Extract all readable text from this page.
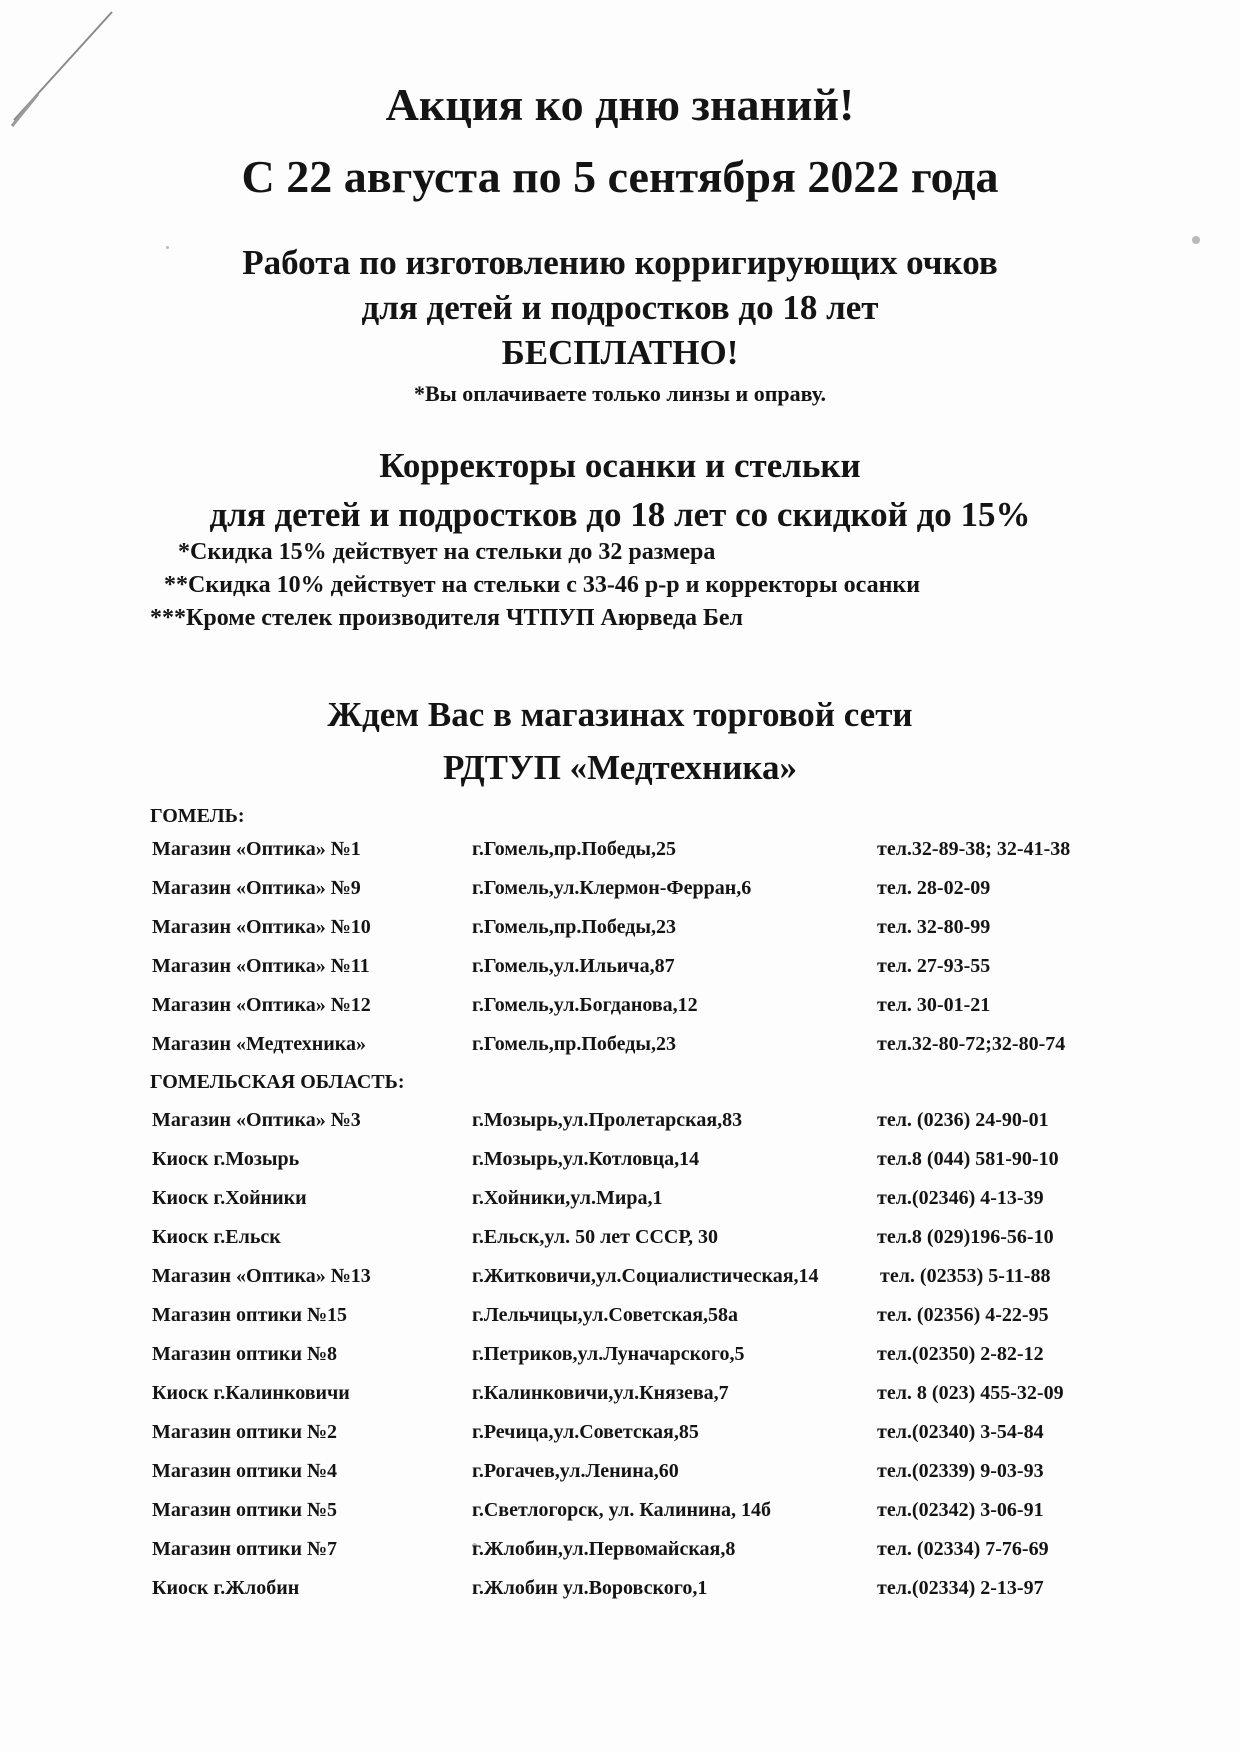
Акция ко дню знаний!
С 22 августа по 5 сентября 2022 года
Работа по изготовлению корригирующих очков
для детей и подростков до 18 лет
БЕСПЛАТНО!
*Вы оплачиваете только линзы и оправу.
Корректоры осанки и стельки
для детей и подростков до 18 лет со скидкой до 15%
*Скидка 15% действует на стельки до 32 размера
**Скидка 10% действует на стельки с 33-46 р-р и корректоры осанки
***Кроме стелек производителя ЧТПУП Аюрведа Бел
Ждем Вас в магазинах торговой сети
РДТУП «Медтехника»
ГОМЕЛЬ:
Магазин «Оптика» №1	г.Гомель,пр.Победы,25	тел.32-89-38; 32-41-38
Магазин «Оптика» №9	г.Гомель,ул.Клермон-Ферран,6	тел. 28-02-09
Магазин «Оптика» №10	г.Гомель,пр.Победы,23	тел. 32-80-99
Магазин «Оптика» №11	г.Гомель,ул.Ильича,87	тел. 27-93-55
Магазин «Оптика» №12	г.Гомель,ул.Богданова,12	тел. 30-01-21
Магазин «Медтехника»	г.Гомель,пр.Победы,23	тел.32-80-72;32-80-74
ГОМЕЛЬСКАЯ ОБЛАСТЬ:
Магазин «Оптика» №3	г.Мозырь,ул.Пролетарская,83	тел. (0236) 24-90-01
Киоск г.Мозырь	г.Мозырь,ул.Котловца,14	тел.8 (044) 581-90-10
Киоск г.Хойники	г.Хойники,ул.Мира,1	тел.(02346) 4-13-39
Киоск г.Ельск	г.Ельск,ул. 50 лет СССР, 30	тел.8 (029)196-56-10
Магазин «Оптика» №13	г.Житковичи,ул.Социалистическая,14	тел. (02353) 5-11-88
Магазин оптики №15	г.Лельчицы,ул.Советская,58а	тел. (02356) 4-22-95
Магазин оптики №8	г.Петриков,ул.Луначарского,5	тел.(02350) 2-82-12
Киоск г.Калинковичи	г.Калинковичи,ул.Князева,7	тел. 8 (023) 455-32-09
Магазин оптики №2	г.Речица,ул.Советская,85	тел.(02340) 3-54-84
Магазин оптики №4	г.Рогачев,ул.Ленина,60	тел.(02339) 9-03-93
Магазин оптики №5	г.Светлогорск, ул. Калинина, 14б	тел.(02342) 3-06-91
Магазин оптики №7	г.Жлобин,ул.Первомайская,8	тел. (02334) 7-76-69
Киоск г.Жлобин	г.Жлобин ул.Воровского,1	тел.(02334) 2-13-97
